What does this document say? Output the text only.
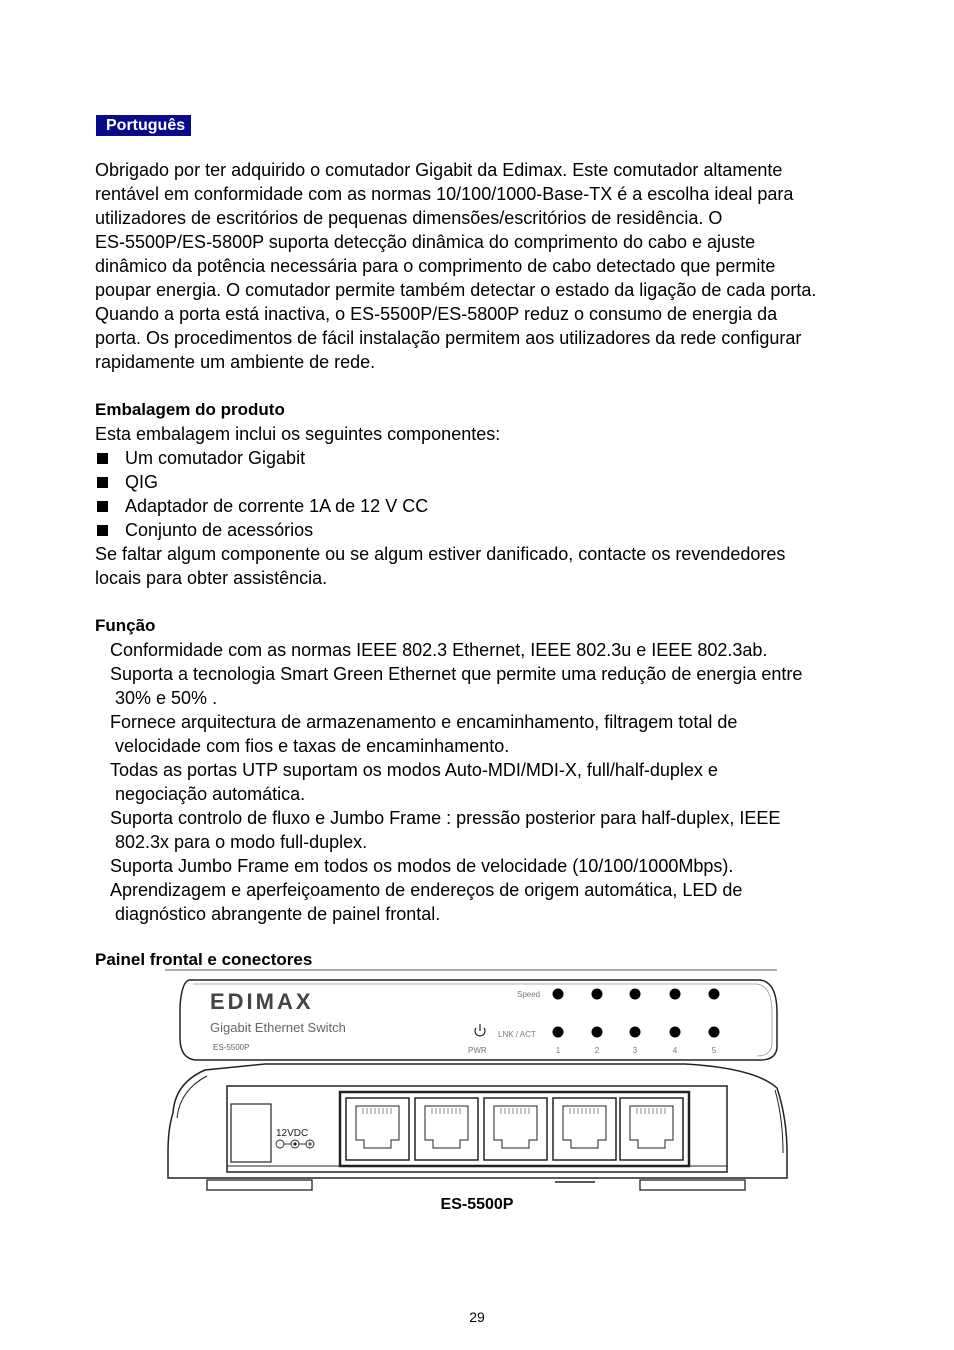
Português
Obrigado por ter adquirido o comutador Gigabit da Edimax. Este comutador altamente
rentável em conformidade com as normas 10/100/1000-Base-TX é a escolha ideal para
utilizadores de escritórios de pequenas dimensões/escritórios de residência. O
ES-5500P/ES-5800P suporta detecção dinâmica do comprimento do cabo e ajuste
dinâmico da potência necessária para o comprimento de cabo detectado que permite
poupar energia. O comutador permite também detectar o estado da ligação de cada porta.
Quando a porta está inactiva, o ES-5500P/ES-5800P reduz o consumo de energia da
porta. Os procedimentos de fácil instalação permitem aos utilizadores da rede configurar
rapidamente um ambiente de rede.
Embalagem do produto
Esta embalagem inclui os seguintes componentes:
Um comutador Gigabit
QIG
Adaptador de corrente 1A de 12 V CC
Conjunto de acessórios
Se faltar algum componente ou se algum estiver danificado, contacte os revendedores
locais para obter assistência.
Função
Conformidade com as normas IEEE 802.3 Ethernet, IEEE 802.3u e IEEE 802.3ab.
Suporta a tecnologia Smart Green Ethernet que permite uma redução de energia entre
30% e 50% .
Fornece arquitectura de armazenamento e encaminhamento, filtragem total de
velocidade com fios e taxas de encaminhamento.
Todas as portas UTP suportam os modos Auto-MDI/MDI-X, full/half-duplex e
negociação automática.
Suporta controlo de fluxo e Jumbo Frame : pressão posterior para half-duplex, IEEE
802.3x para o modo full-duplex.
Suporta Jumbo Frame em todos os modos de velocidade (10/100/1000Mbps).
Aprendizagem e aperfeiçoamento de endereços de origem automática, LED de
diagnóstico abrangente de painel frontal.
Painel frontal e conectores
EDIMAX
Gigabit Ethernet Switch
ES-5500P
Speed
LNK / ACT
PWR	1	2	3	4	5
12VDC
ES-5500P
29
